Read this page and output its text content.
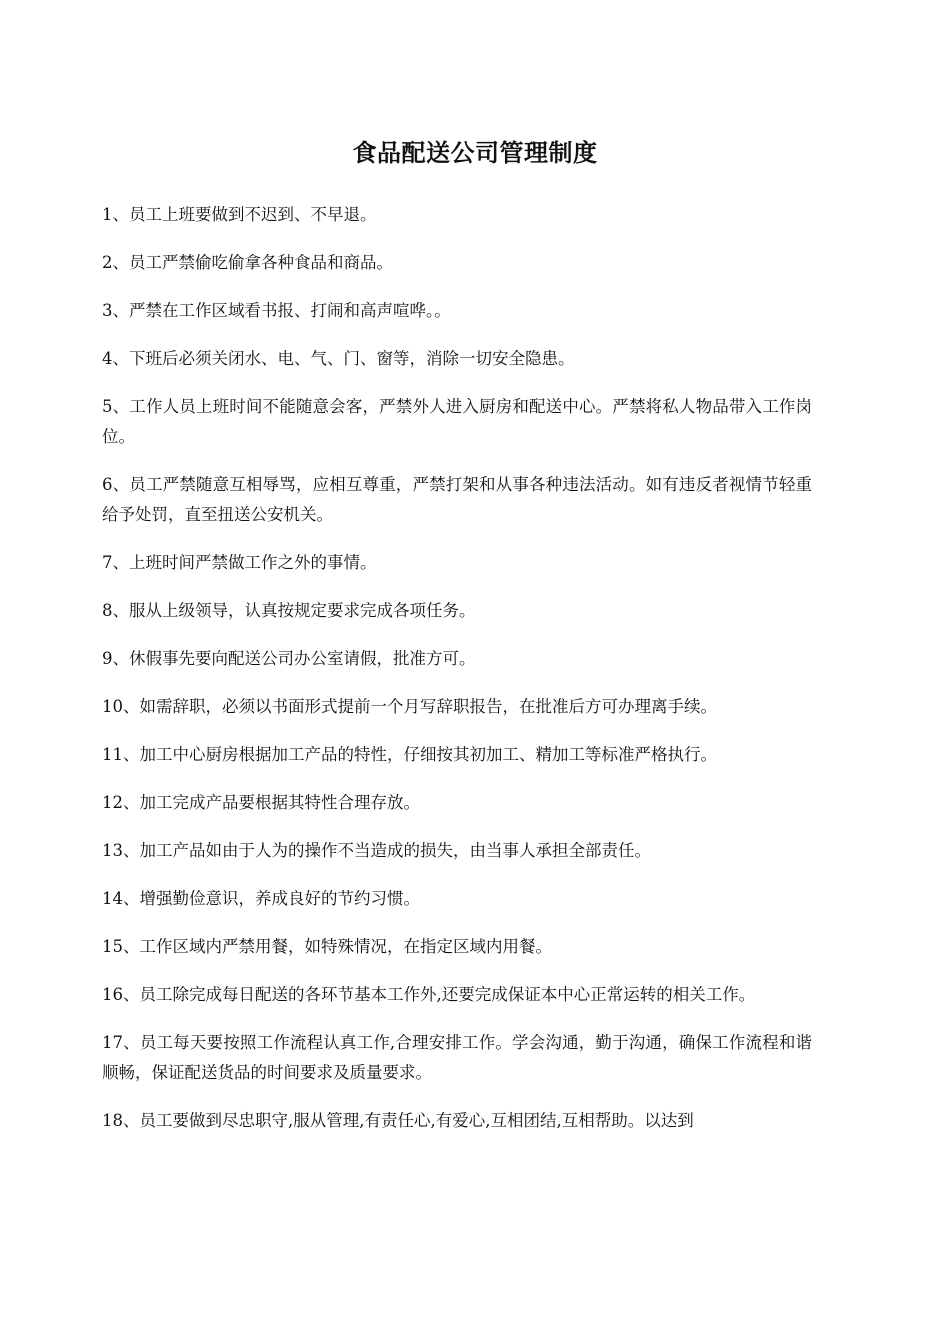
食品配送公司管理制度
1、员工上班要做到不迟到、不早退。
2、员工严禁偷吃偷拿各种食品和商品。
3、严禁在工作区域看书报、打闹和高声喧哗。。
4、下班后必须关闭水、电、气、门、窗等，消除一切安全隐患。
5、工作人员上班时间不能随意会客，严禁外人进入厨房和配送中心。严禁将私人物品带入工作岗位。
6、员工严禁随意互相辱骂，应相互尊重，严禁打架和从事各种违法活动。如有违反者视情节轻重给予处罚，直至扭送公安机关。
7、上班时间严禁做工作之外的事情。
8、服从上级领导，认真按规定要求完成各项任务。
9、休假事先要向配送公司办公室请假，批准方可。
10、如需辞职，必须以书面形式提前一个月写辞职报告，在批准后方可办理离手续。
11、加工中心厨房根据加工产品的特性，仔细按其初加工、精加工等标准严格执行。
12、加工完成产品要根据其特性合理存放。
13、加工产品如由于人为的操作不当造成的损失，由当事人承担全部责任。
14、增强勤俭意识，养成良好的节约习惯。
15、工作区域内严禁用餐，如特殊情况，在指定区域内用餐。
16、员工除完成每日配送的各环节基本工作外,还要完成保证本中心正常运转的相关工作。
17、员工每天要按照工作流程认真工作,合理安排工作。学会沟通，勤于沟通，确保工作流程和谐顺畅，保证配送货品的时间要求及质量要求。
18、员工要做到尽忠职守,服从管理,有责任心,有爱心,互相团结,互相帮助。以达到
